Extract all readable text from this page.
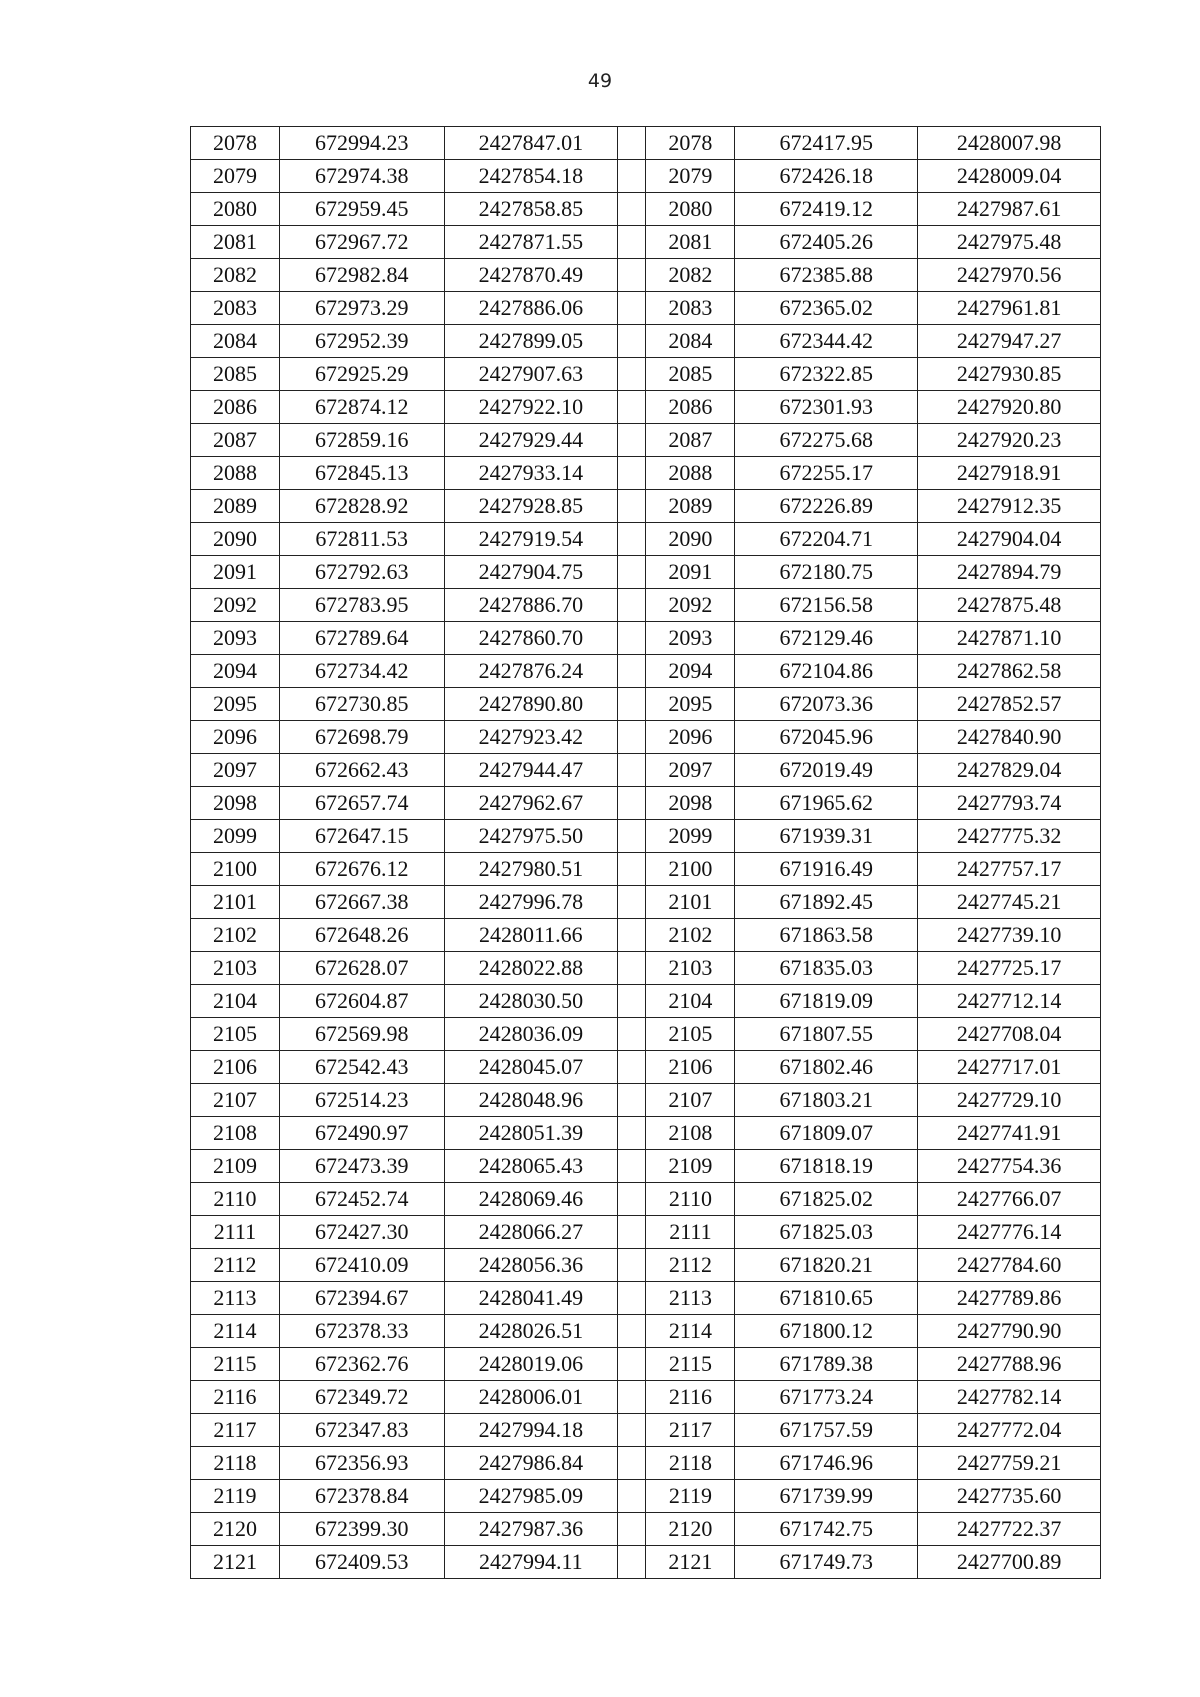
49
2078	672994.23	2427847.01		2078	672417.95	2428007.98
2079	672974.38	2427854.18		2079	672426.18	2428009.04
2080	672959.45	2427858.85		2080	672419.12	2427987.61
2081	672967.72	2427871.55		2081	672405.26	2427975.48
2082	672982.84	2427870.49		2082	672385.88	2427970.56
2083	672973.29	2427886.06		2083	672365.02	2427961.81
2084	672952.39	2427899.05		2084	672344.42	2427947.27
2085	672925.29	2427907.63		2085	672322.85	2427930.85
2086	672874.12	2427922.10		2086	672301.93	2427920.80
2087	672859.16	2427929.44		2087	672275.68	2427920.23
2088	672845.13	2427933.14		2088	672255.17	2427918.91
2089	672828.92	2427928.85		2089	672226.89	2427912.35
2090	672811.53	2427919.54		2090	672204.71	2427904.04
2091	672792.63	2427904.75		2091	672180.75	2427894.79
2092	672783.95	2427886.70		2092	672156.58	2427875.48
2093	672789.64	2427860.70		2093	672129.46	2427871.10
2094	672734.42	2427876.24		2094	672104.86	2427862.58
2095	672730.85	2427890.80		2095	672073.36	2427852.57
2096	672698.79	2427923.42		2096	672045.96	2427840.90
2097	672662.43	2427944.47		2097	672019.49	2427829.04
2098	672657.74	2427962.67		2098	671965.62	2427793.74
2099	672647.15	2427975.50		2099	671939.31	2427775.32
2100	672676.12	2427980.51		2100	671916.49	2427757.17
2101	672667.38	2427996.78		2101	671892.45	2427745.21
2102	672648.26	2428011.66		2102	671863.58	2427739.10
2103	672628.07	2428022.88		2103	671835.03	2427725.17
2104	672604.87	2428030.50		2104	671819.09	2427712.14
2105	672569.98	2428036.09		2105	671807.55	2427708.04
2106	672542.43	2428045.07		2106	671802.46	2427717.01
2107	672514.23	2428048.96		2107	671803.21	2427729.10
2108	672490.97	2428051.39		2108	671809.07	2427741.91
2109	672473.39	2428065.43		2109	671818.19	2427754.36
2110	672452.74	2428069.46		2110	671825.02	2427766.07
2111	672427.30	2428066.27		2111	671825.03	2427776.14
2112	672410.09	2428056.36		2112	671820.21	2427784.60
2113	672394.67	2428041.49		2113	671810.65	2427789.86
2114	672378.33	2428026.51		2114	671800.12	2427790.90
2115	672362.76	2428019.06		2115	671789.38	2427788.96
2116	672349.72	2428006.01		2116	671773.24	2427782.14
2117	672347.83	2427994.18		2117	671757.59	2427772.04
2118	672356.93	2427986.84		2118	671746.96	2427759.21
2119	672378.84	2427985.09		2119	671739.99	2427735.60
2120	672399.30	2427987.36		2120	671742.75	2427722.37
2121	672409.53	2427994.11		2121	671749.73	2427700.89
